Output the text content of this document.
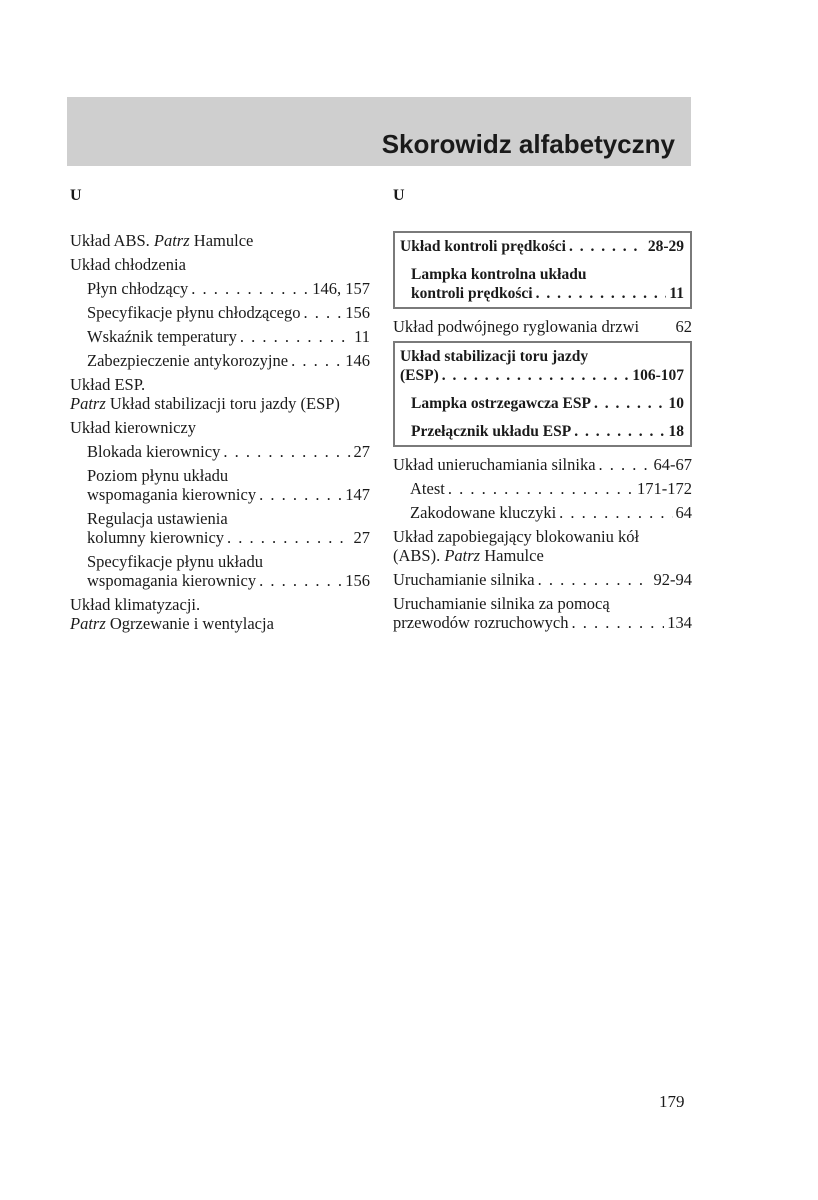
Skorowidz alfabetyczny
U
Układ ABS. Patrz Hamulce
Układ chłodzenia
Płyn chłodzący . . .	146, 157
Specyfikacje płynu chłodzącego . . .	156
Wskaźnik temperatury . . .	11
Zabezpieczenie antykorozyjne . . .	146
Układ ESP.
Patrz Układ stabilizacji toru jazdy (ESP)
Układ kierowniczy
Blokada kierownicy . . .	27
Poziom płynu układu
wspomagania kierownicy . . .	147
Regulacja ustawienia
kolumny kierownicy . . .	27
Specyfikacje płynu układu
wspomagania kierownicy . . .	156
Układ klimatyzacji.
Patrz Ogrzewanie i wentylacja
U
Układ kontroli prędkości . . .	28-29
Lampka kontrolna układu
kontroli prędkości . . .	11
Układ podwójnego ryglowania drzwi 62
Układ stabilizacji toru jazdy
(ESP) . . .	106-107
Lampka ostrzegawcza ESP . . .	10
Przełącznik układu ESP . . .	18
Układ unieruchamiania silnika . . .	64-67
Atest . . .	171-172
Zakodowane kluczyki . . .	64
Układ zapobiegający blokowaniu kół
(ABS). Patrz Hamulce
Uruchamianie silnika . . .	92-94
Uruchamianie silnika za pomocą
przewodów rozruchowych . . .	134
179
